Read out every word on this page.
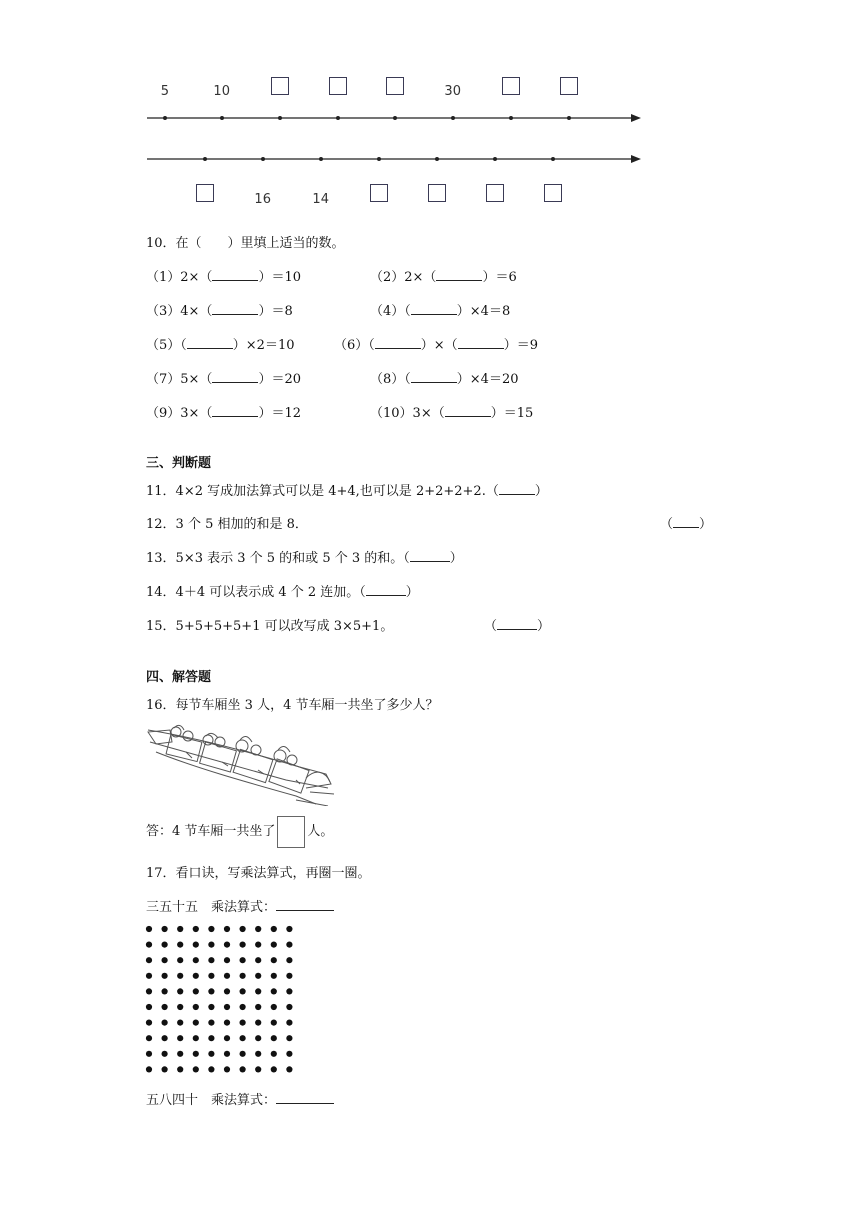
5	10	30
16	14
10．在（　　）里填上适当的数。
（1）2×（	）＝10	（2）2×（	）＝6
（3）4×（	）＝8	（4）（	）×4＝8
（5）（	）×2＝10	（6）（	）×（	）＝9
（7）5×（	）＝20	（8）（	）×4＝20
（9）3×（	）＝12	（10）3×（	）＝15
三、判断题
11．4×2 写成加法算式可以是 4+4,也可以是 2+2+2+2.（	）
12．3 个 5 相加的和是 8．	（ ）
13．5×3 表示 3 个 5 的和或 5 个 3 的和。（	）
14．4＋4 可以表示成 4 个 2 连加。（	）
15．5+5+5+5+1 可以改写成 3×5+1。	（	）
四、解答题
16．每节车厢坐 3 人，4 节车厢一共坐了多少人？
答：4 节车厢一共坐了 人。
17．看口诀，写乘法算式，再圈一圈。
三五十五　乘法算式：
五八四十　乘法算式：
